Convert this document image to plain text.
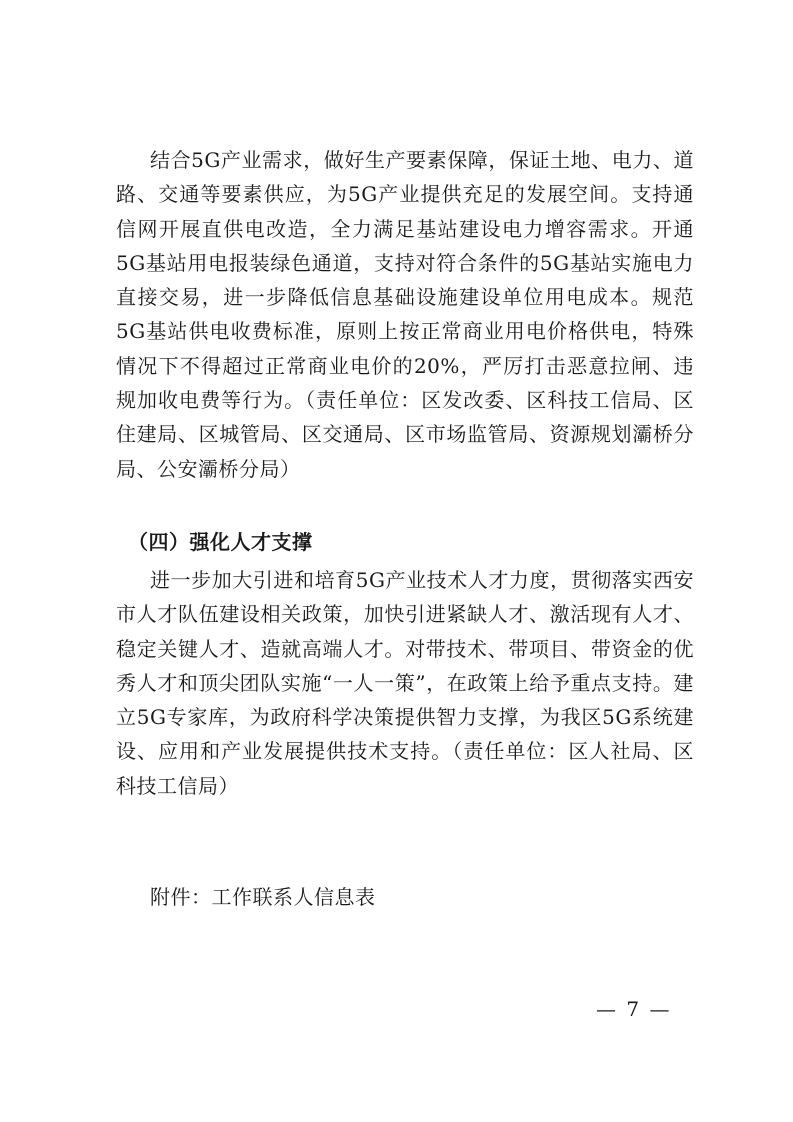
结合5G产业需求，做好生产要素保障，保证土地、电力、道路、交通等要素供应，为5G产业提供充足的发展空间。支持通信网开展直供电改造，全力满足基站建设电力增容需求。开通5G基站用电报装绿色通道，支持对符合条件的5G基站实施电力直接交易，进一步降低信息基础设施建设单位用电成本。规范5G基站供电收费标准，原则上按正常商业用电价格供电，特殊情况下不得超过正常商业电价的20%，严厉打击恶意拉闸、违规加收电费等行为。（责任单位：区发改委、区科技工信局、区住建局、区城管局、区交通局、区市场监管局、资源规划灞桥分局、公安灞桥分局）

（四）强化人才支撑

进一步加大引进和培育5G产业技术人才力度，贯彻落实西安市人才队伍建设相关政策，加快引进紧缺人才、激活现有人才、稳定关键人才、造就高端人才。对带技术、带项目、带资金的优秀人才和顶尖团队实施“一人一策”，在政策上给予重点支持。建立5G专家库，为政府科学决策提供智力支撑，为我区5G系统建设、应用和产业发展提供技术支持。（责任单位：区人社局、区科技工信局）

附件：工作联系人信息表

— 7 —
